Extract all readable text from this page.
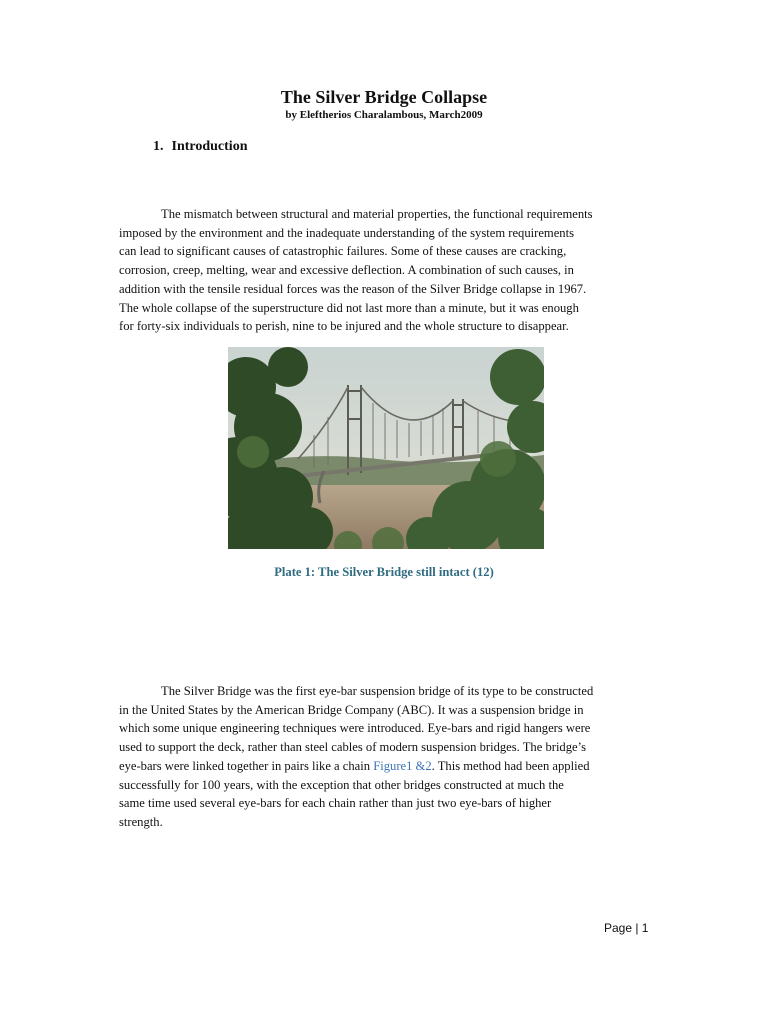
The Silver Bridge Collapse
by Eleftherios Charalambous, March2009
1. Introduction
The mismatch between structural and material properties, the functional requirements
imposed by the environment and the inadequate understanding of the system requirements
can lead to significant causes of catastrophic failures. Some of these causes are cracking,
corrosion, creep, melting, wear and excessive deflection. A combination of such causes, in
addition with the tensile residual forces was the reason of the Silver Bridge collapse in 1967.
The whole collapse of the superstructure did not last more than a minute, but it was enough
for forty-six individuals to perish, nine to be injured and the whole structure to disappear.
Plate 1: The Silver Bridge still intact (12)
The Silver Bridge was the first eye-bar suspension bridge of its type to be constructed
in the United States by the American Bridge Company (ABC). It was a suspension bridge in
which some unique engineering techniques were introduced. Eye-bars and rigid hangers were
used to support the deck, rather than steel cables of modern suspension bridges. The bridge’s
eye-bars were linked together in pairs like a chain Figure1 &2. This method had been applied
successfully for 100 years, with the exception that other bridges constructed at much the
same time used several eye-bars for each chain rather than just two eye-bars of higher
strength.
Page | 1
